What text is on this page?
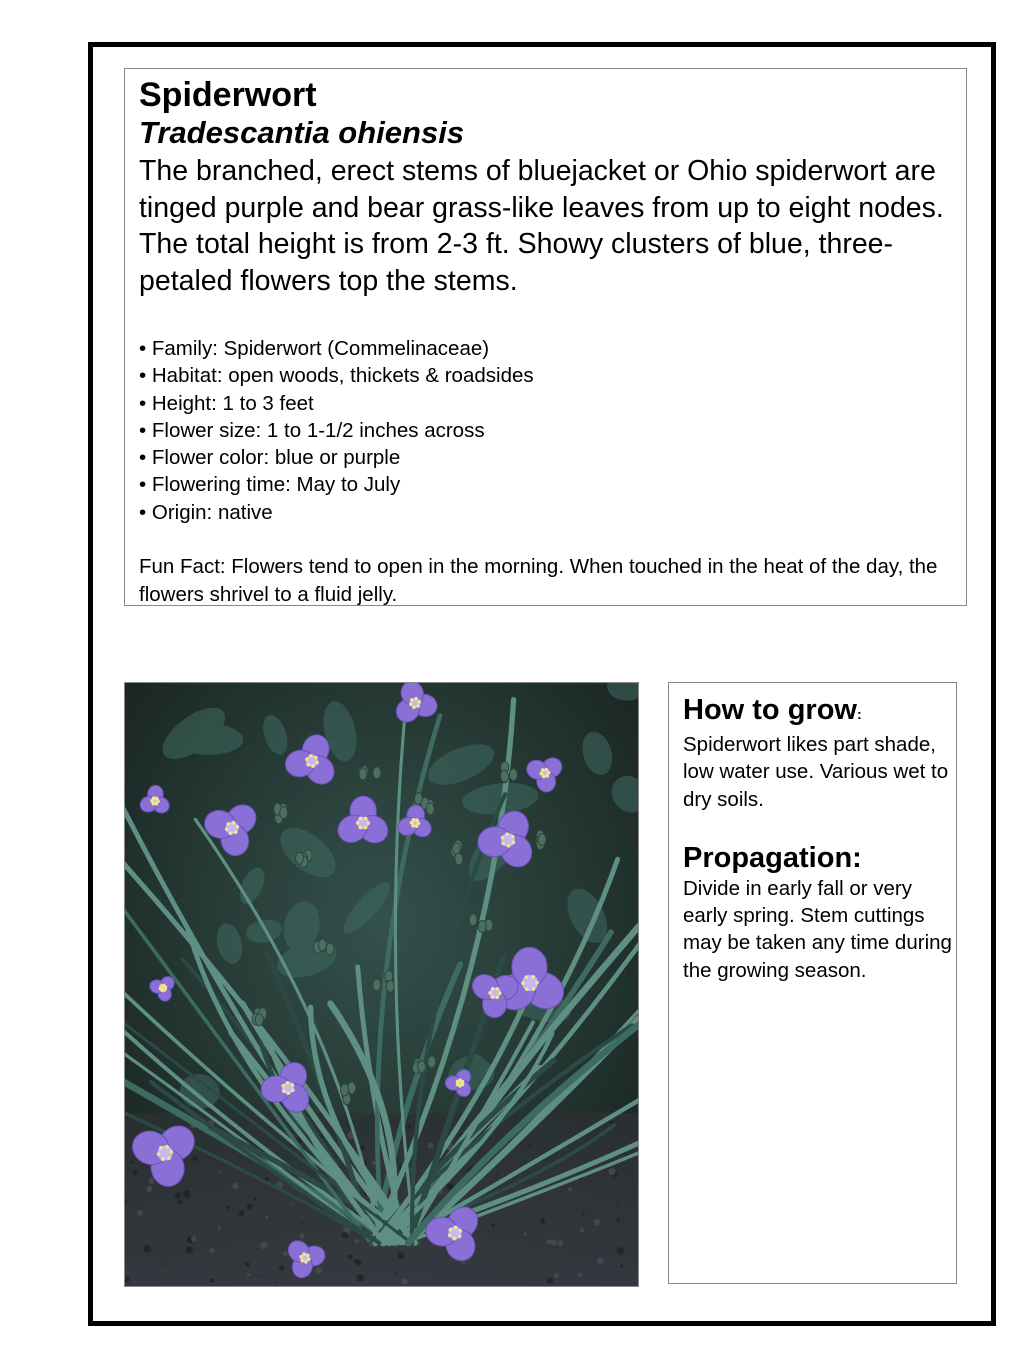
Spiderwort
Tradescantia ohiensis

The branched, erect stems of bluejacket or Ohio spiderwort are tinged purple and bear grass-like leaves from up to eight nodes. The total height is from 2-3 ft. Showy clusters of blue, three-petaled flowers top the stems.

• Family: Spiderwort (Commelinaceae)
• Habitat: open woods, thickets & roadsides
• Height: 1 to 3 feet
• Flower size: 1 to 1-1/2 inches across
• Flower color: blue or purple
• Flowering time: May to July
• Origin: native

Fun Fact: Flowers tend to open in the morning. When touched in the heat of the day, the flowers shrivel to a fluid jelly.

How to grow:

Spiderwort likes part shade, low water use. Various wet to dry soils.

Propagation:

Divide in early fall or very early spring. Stem cuttings may be taken any time during the growing season.
